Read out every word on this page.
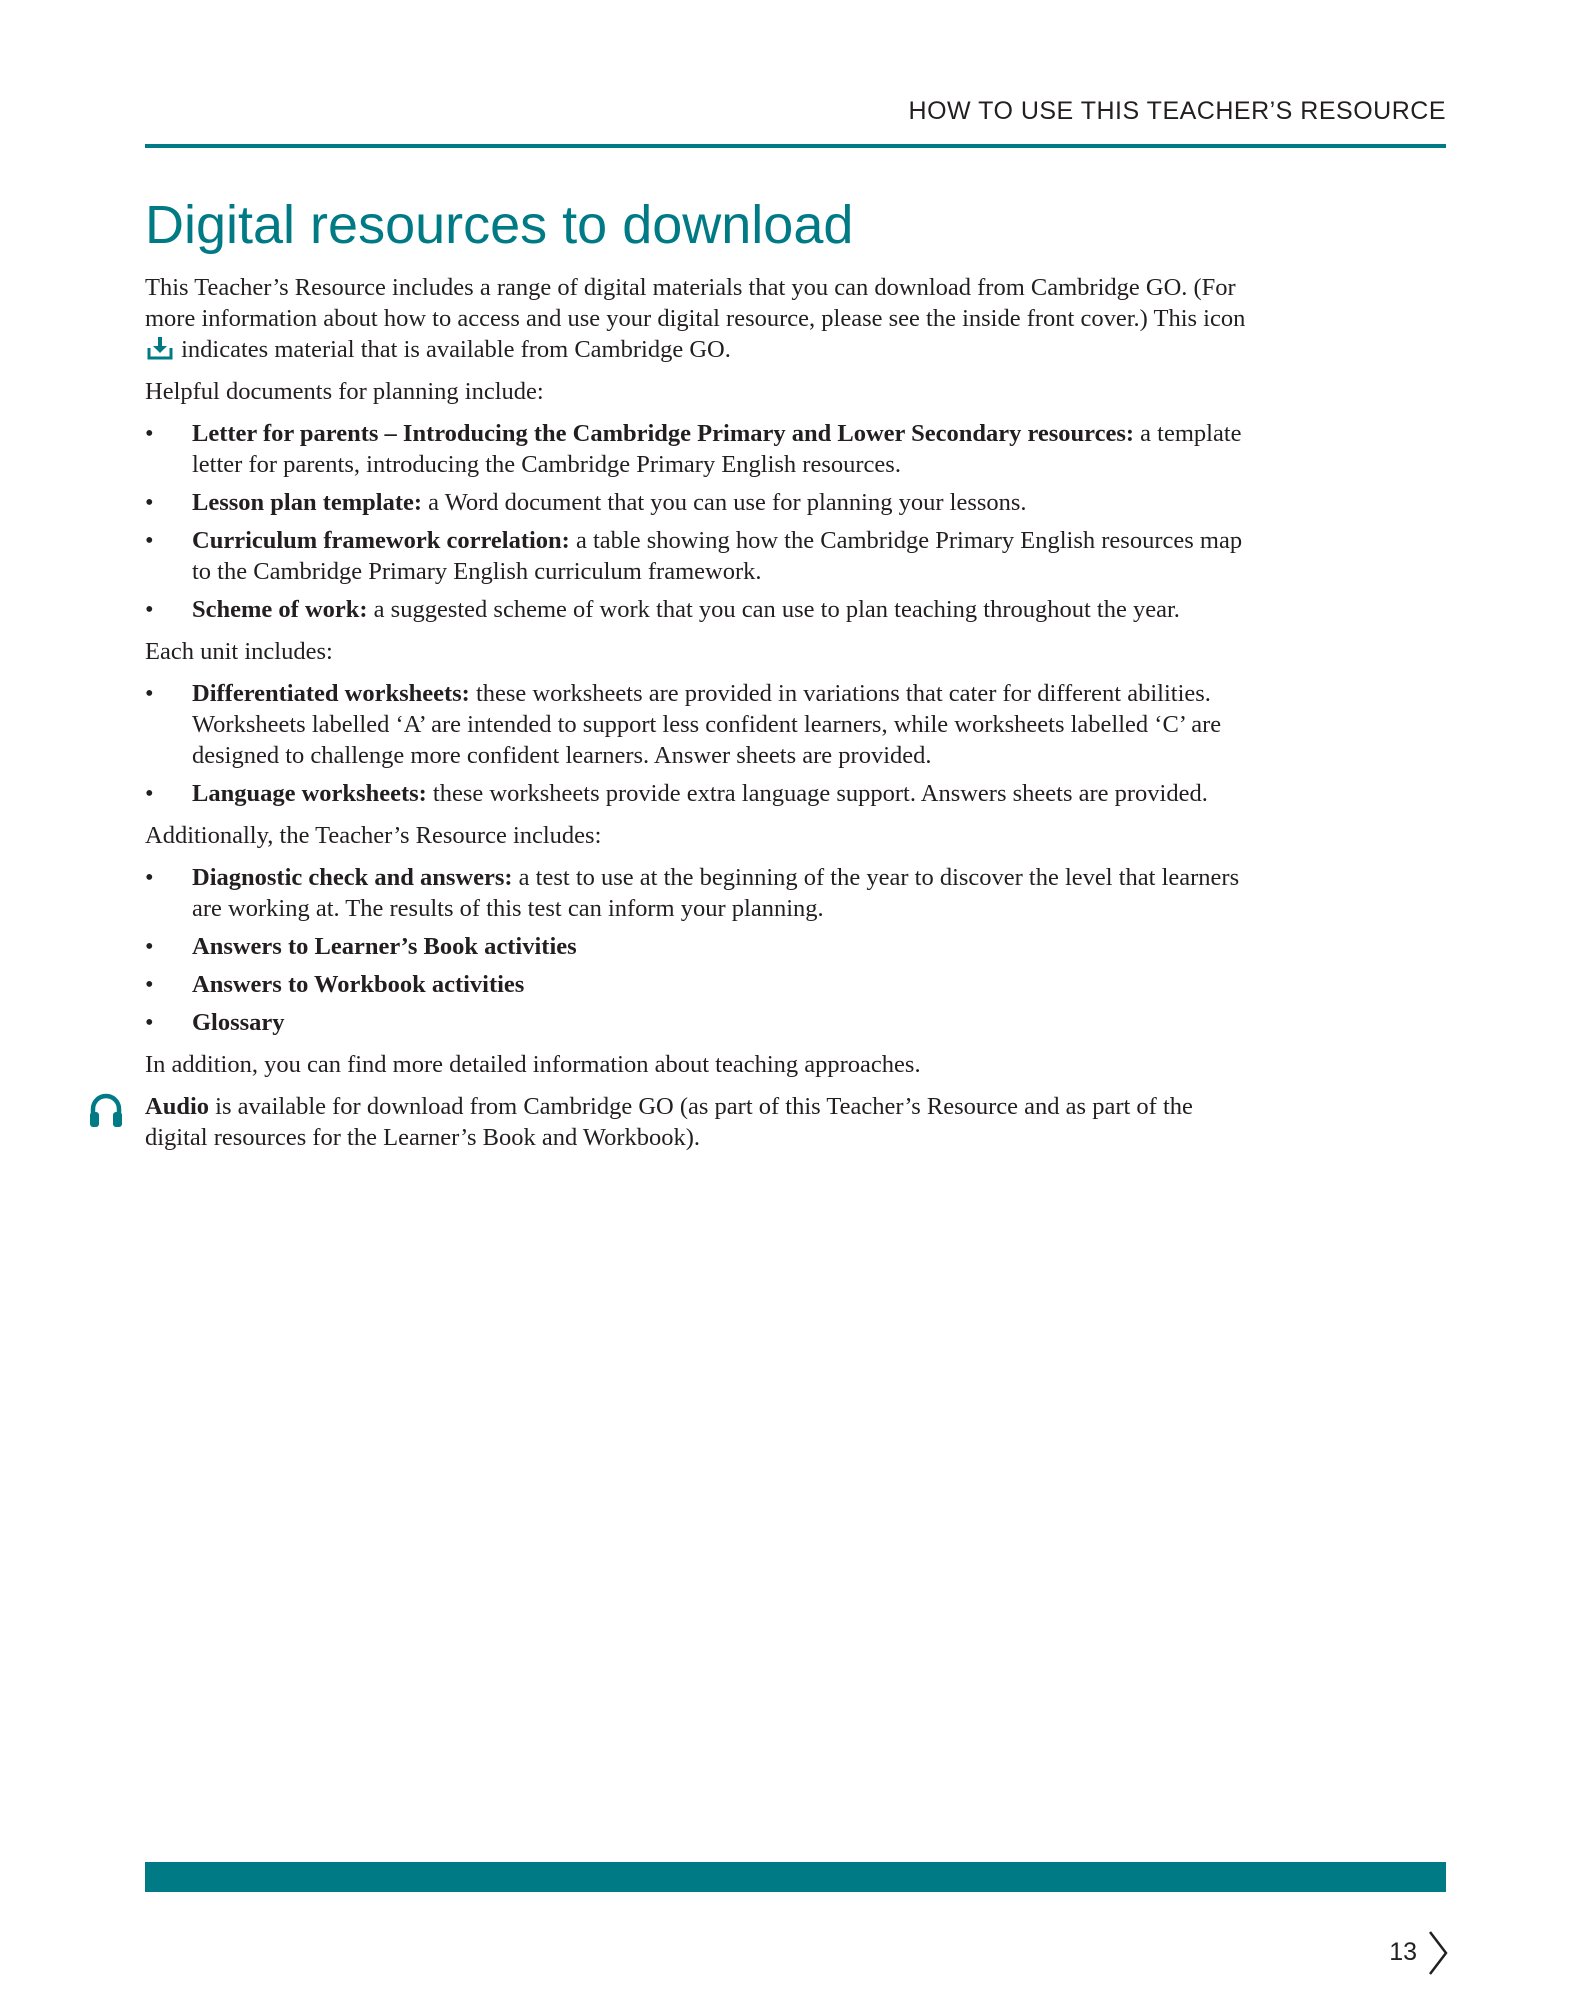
HOW TO USE THIS TEACHER’S RESOURCE
Digital resources to download

This Teacher’s Resource includes a range of digital materials that you can download from Cambridge GO. (For more information about how to access and use your digital resource, please see the inside front cover.) This icon  indicates material that is available from Cambridge GO.

Helpful documents for planning include:

• Letter for parents – Introducing the Cambridge Primary and Lower Secondary resources: a template letter for parents, introducing the Cambridge Primary English resources.
• Lesson plan template: a Word document that you can use for planning your lessons.
• Curriculum framework correlation: a table showing how the Cambridge Primary English resources map to the Cambridge Primary English curriculum framework.
• Scheme of work: a suggested scheme of work that you can use to plan teaching throughout the year.

Each unit includes:

• Differentiated worksheets: these worksheets are provided in variations that cater for different abilities. Worksheets labelled ‘A’ are intended to support less confident learners, while worksheets labelled ‘C’ are designed to challenge more confident learners. Answer sheets are provided.
• Language worksheets: these worksheets provide extra language support. Answers sheets are provided.

Additionally, the Teacher’s Resource includes:

• Diagnostic check and answers: a test to use at the beginning of the year to discover the level that learners are working at. The results of this test can inform your planning.
• Answers to Learner’s Book activities
• Answers to Workbook activities
• Glossary

In addition, you can find more detailed information about teaching approaches.

Audio is available for download from Cambridge GO (as part of this Teacher’s Resource and as part of the digital resources for the Learner’s Book and Workbook).

13
